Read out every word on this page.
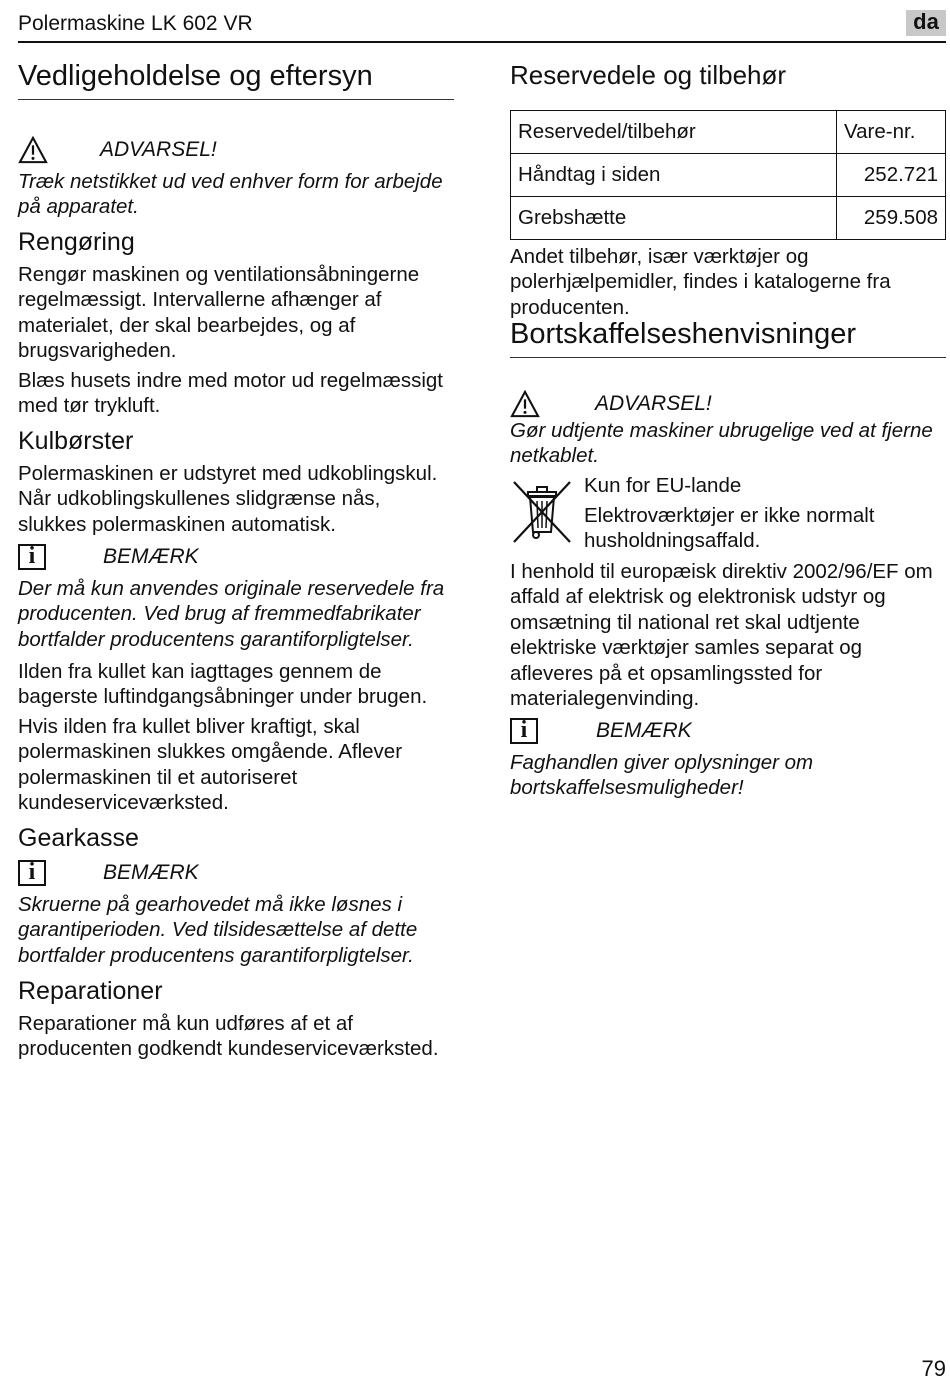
Polermaskine LK 602 VR	da
Vedligeholdelse og eftersyn
ADVARSEL!

Træk netstikket ud ved enhver form for arbejde på apparatet.

Rengøring

Rengør maskinen og ventilationsåbningerne regelmæssigt. Intervallerne afhænger af materialet, der skal bearbejdes, og af brugsvarigheden.

Blæs husets indre med motor ud regelmæssigt med tør trykluft.

Kulbørster

Polermaskinen er udstyret med udkoblingskul. Når udkoblingskullenes slidgrænse nås, slukkes polermaskinen automatisk.

i	BEMÆRK

Der må kun anvendes originale reservedele fra producenten. Ved brug af fremmedfabrikater bortfalder producentens garantiforpligtelser.

Ilden fra kullet kan iagttages gennem de bagerste luftindgangsåbninger under brugen.

Hvis ilden fra kullet bliver kraftigt, skal polermaskinen slukkes omgående. Aflever polermaskinen til et autoriseret kundeserviceværksted.

Gearkasse
i	BEMÆRK

Skruerne på gearhovedet må ikke løsnes i garantiperioden. Ved tilsidesættelse af dette bortfalder producentens garantiforpligtelser.

Reparationer

Reparationer må kun udføres af et af producenten godkendt kundeserviceværksted.

Reservedele og tilbehør
Reservedel/tilbehør	Vare-nr.
Håndtag i siden	252.721
Grebshætte	259.508

Andet tilbehør, især værktøjer og polerhjælpemidler, findes i katalogerne fra producenten.

Bortskaffelseshenvisninger
ADVARSEL!

Gør udtjente maskiner ubrugelige ved at fjerne netkablet.

Kun for EU-lande

Elektroværktøjer er ikke normalt husholdningsaffald.

I henhold til europæisk direktiv 2002/96/EF om affald af elektrisk og elektronisk udstyr og omsætning til national ret skal udtjente elektriske værktøjer samles separat og afleveres på et opsamlingssted for materialegenvinding.

i	BEMÆRK

Faghandlen giver oplysninger om bortskaffelsesmuligheder!

79
